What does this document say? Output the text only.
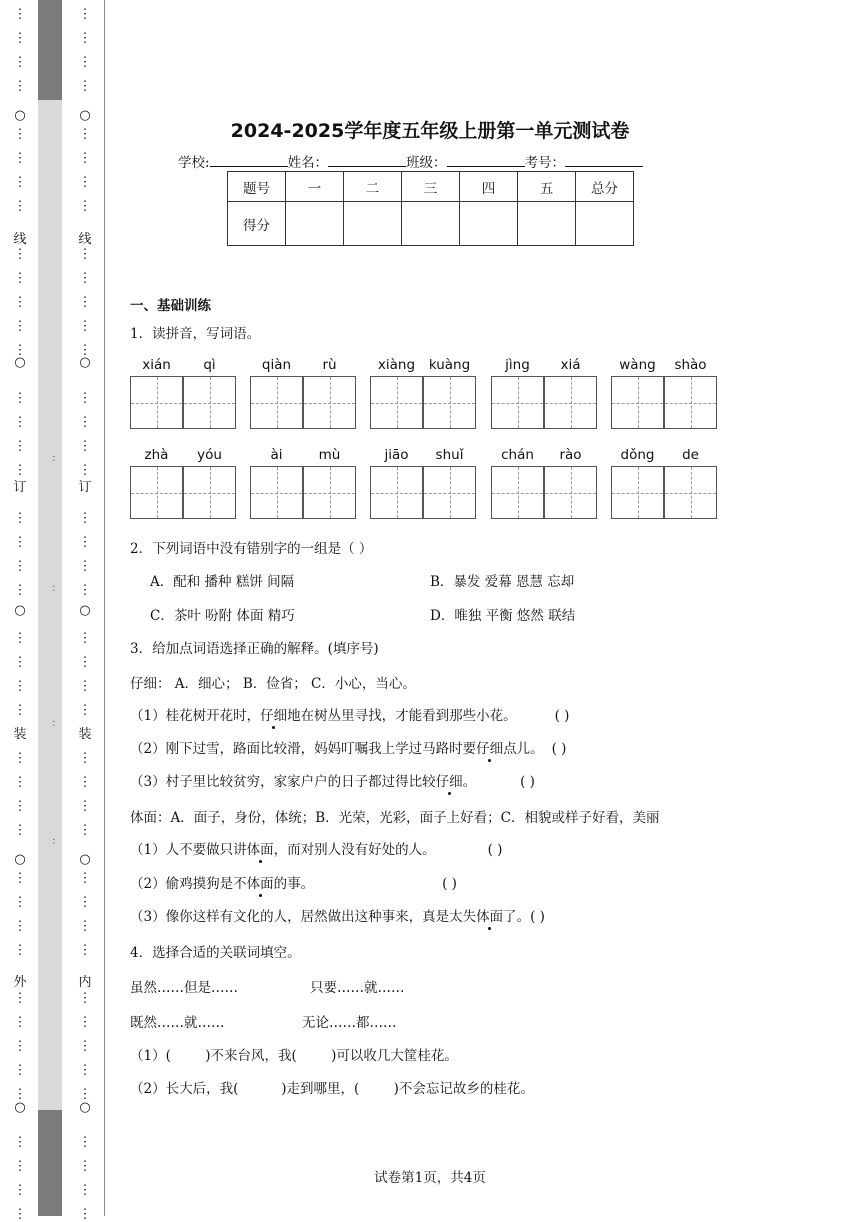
⋮
⋮
⋮
⋮
○
⋮
⋮
⋮
⋮
线
⋮
⋮
⋮
⋮
⋮
○
⋮
⋮
⋮
⋮
订
⋮
⋮
⋮
⋮
○
⋮
⋮
⋮
⋮
装
⋮
⋮
⋮
⋮
○
⋮
⋮
⋮
⋮
外
⋮
⋮
⋮
⋮
⋮
○
⋮
⋮
⋮
⋮
：
：
：
：
⋮
⋮
⋮
⋮
○
⋮
⋮
⋮
⋮
线
⋮
⋮
⋮
⋮
⋮
○
⋮
⋮
⋮
⋮
订
⋮
⋮
⋮
⋮
○
⋮
⋮
⋮
⋮
装
⋮
⋮
⋮
⋮
○
⋮
⋮
⋮
⋮
内
⋮
⋮
⋮
⋮
⋮
○
⋮
⋮
⋮
⋮
2024-2025学年度五年级上册第一单元测试卷
学校:	姓名：	班级：	考号：
题号	一	二	三	四	五	总分
得分						
一、基础训练
1．读拼音，写词语。
xián	qì	qiàn	rù	xiàng	kuàng	jìng	xiá	wàng	shào
zhà	yóu	ài	mù	jiāo	shuǐ	chán	rào	dǒng	de
2．下列词语中没有错别字的一组是（ ）
A．配和 播种 糕饼 间隔	B．暴发 爱幕 恩慧 忘却
C．茶叶 吩附 体面 精巧	D．唯独 平衡 悠然 联结
3．给加点词语选择正确的解释。(填序号)
仔细： A．细心； B．俭省； C．小心，当心。
（1）桂花树开花时，仔细地在树丛里寻找，才能看到那些小花。	( )
（2）刚下过雪，路面比较滑，妈妈叮嘱我上学过马路时要仔细点儿。 ( )
（3）村子里比较贫穷，家家户户的日子都过得比较仔细。	( )
体面：A．面子，身份，体统；B．光荣，光彩，面子上好看；C．相貌或样子好看，美丽
（1）人不要做只讲体面，而对别人没有好处的人。	( )
（2）偷鸡摸狗是不体面的事。	( )
（3）像你这样有文化的人，居然做出这种事来，真是太失体面了。( )
4．选择合适的关联词填空。
虽然……但是……	只要……就……
既然……就……	无论……都……
（1）(        )不来台风，我(        )可以收几大筐桂花。
（2）长大后，我(          )走到哪里，(        )不会忘记故乡的桂花。
试卷第1页，共4页
